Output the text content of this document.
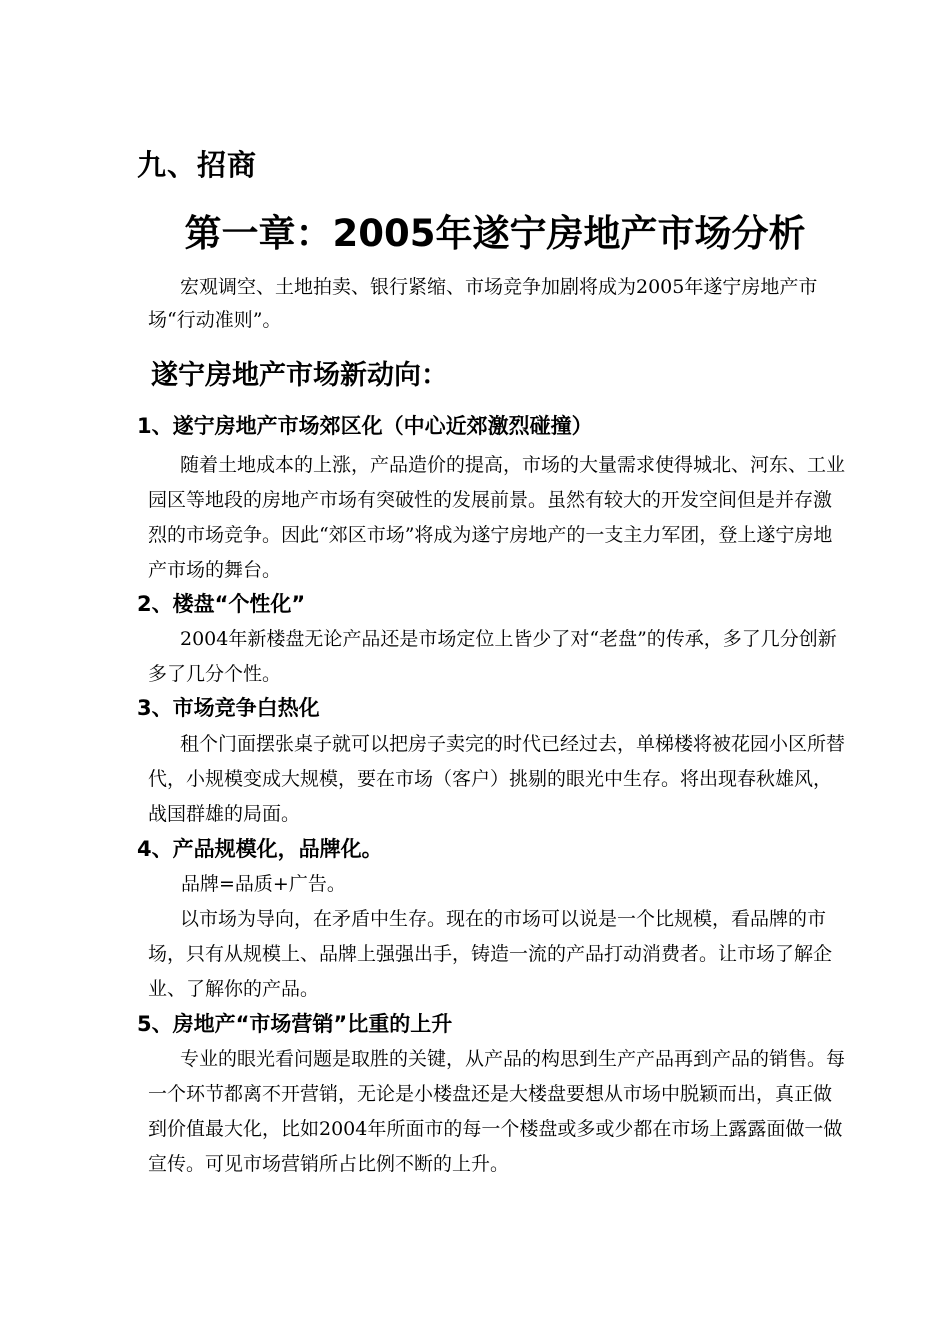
九、招商
第一章：2005年遂宁房地产市场分析

宏观调空、土地拍卖、银行紧缩、市场竞争加剧将成为2005年遂宁房地产市场“行动准则”。

遂宁房地产市场新动向：
1、遂宁房地产市场郊区化（中心近郊激烈碰撞）

随着土地成本的上涨，产品造价的提高，市场的大量需求使得城北、河东、工业园区等地段的房地产市场有突破性的发展前景。虽然有较大的开发空间但是并存激烈的市场竞争。因此“郊区市场”将成为遂宁房地产的一支主力军团，登上遂宁房地产市场的舞台。

2、楼盘“个性化”

2004年新楼盘无论产品还是市场定位上皆少了对“老盘”的传承，多了几分创新多了几分个性。

3、市场竞争白热化

租个门面摆张桌子就可以把房子卖完的时代已经过去，单梯楼将被花园小区所替代，小规模变成大规模，要在市场（客户）挑剔的眼光中生存。将出现春秋雄风，战国群雄的局面。

4、产品规模化，品牌化。

品牌=品质+广告。

以市场为导向，在矛盾中生存。现在的市场可以说是一个比规模，看品牌的市场，只有从规模上、品牌上强强出手，铸造一流的产品打动消费者。让市场了解企业、了解你的产品。

5、房地产“市场营销”比重的上升

专业的眼光看问题是取胜的关键，从产品的构思到生产产品再到产品的销售。每一个环节都离不开营销，无论是小楼盘还是大楼盘要想从市场中脱颖而出，真正做到价值最大化，比如2004年所面市的每一个楼盘或多或少都在市场上露露面做一做宣传。可见市场营销所占比例不断的上升。
